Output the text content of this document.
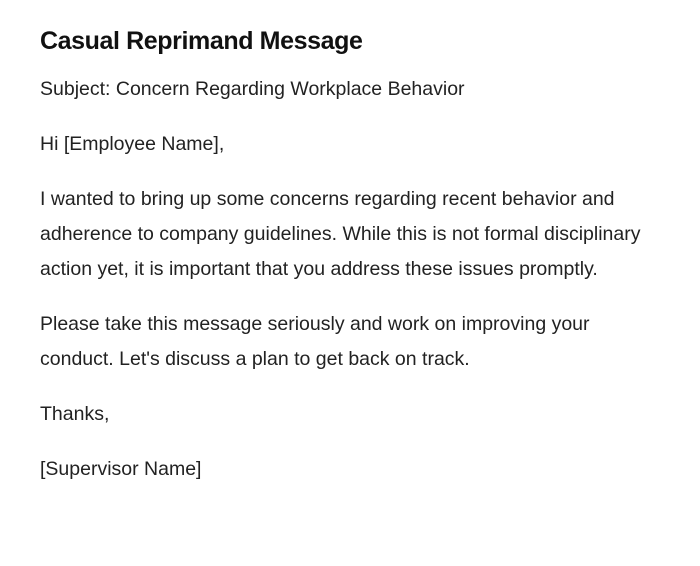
Casual Reprimand Message

Subject: Concern Regarding Workplace Behavior

Hi [Employee Name],

I wanted to bring up some concerns regarding recent behavior and adherence to company guidelines. While this is not formal disciplinary action yet, it is important that you address these issues promptly.

Please take this message seriously and work on improving your conduct. Let's discuss a plan to get back on track.

Thanks,

[Supervisor Name]
